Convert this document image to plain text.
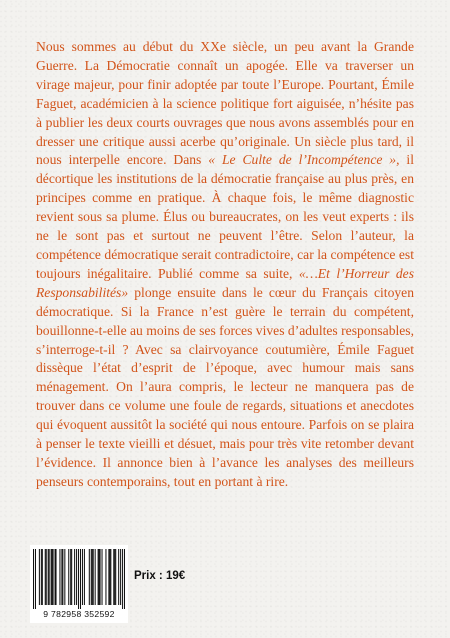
Nous sommes au début du XXe siècle, un peu avant la Grande Guerre. La Démocratie connaît un apogée. Elle va traverser un virage majeur, pour finir adoptée par toute l’Europe. Pourtant, Émile Faguet, académicien à la science politique fort aiguisée, n’hésite pas à publier les deux courts ouvrages que nous avons assemblés pour en dresser une critique aussi acerbe qu’originale. Un siècle plus tard, il nous interpelle encore. Dans « Le Culte de l’Incompétence », il décortique les institutions de la démocratie française au plus près, en principes comme en pratique. À chaque fois, le même diagnostic revient sous sa plume. Élus ou bureaucrates, on les veut experts : ils ne le sont pas et surtout ne peuvent l’être. Selon l’auteur, la compétence démocratique serait contradictoire, car la compétence est toujours inégalitaire. Publié comme sa suite, «…Et l’Horreur des Responsabilités» plonge ensuite dans le cœur du Français citoyen démocratique. Si la France n’est guère le terrain du compétent, bouillonne-t-elle au moins de ses forces vives d’adultes responsables, s’interroge-t-il ? Avec sa clairvoyance coutumière, Émile Faguet dissèque l’état d’esprit de l’époque, avec humour mais sans ménagement. On l’aura compris, le lecteur ne manquera pas de trouver dans ce volume une foule de regards, situations et anecdotes qui évoquent aussitôt la société qui nous entoure. Parfois on se plaira à penser le texte vieilli et désuet, mais pour très vite retomber devant l’évidence. Il annonce bien à l’avance les analyses des meilleurs penseurs contemporains, tout en portant à rire.

9 782958 352592
Prix : 19€
